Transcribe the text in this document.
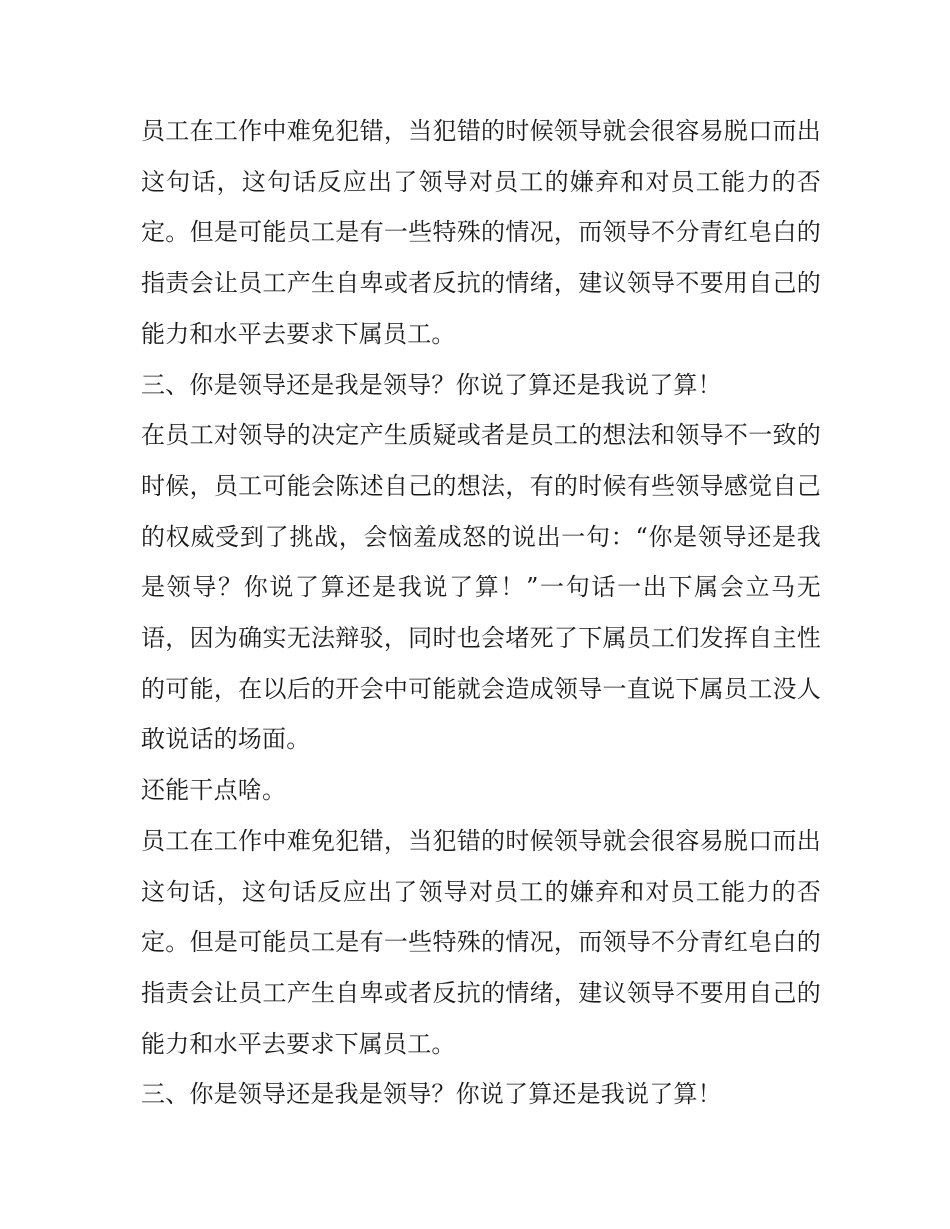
员工在工作中难免犯错，当犯错的时候领导就会很容易脱口而出这句话，这句话反应出了领导对员工的嫌弃和对员工能力的否定。但是可能员工是有一些特殊的情况，而领导不分青红皂白的指责会让员工产生自卑或者反抗的情绪，建议领导不要用自己的能力和水平去要求下属员工。

三、你是领导还是我是领导？你说了算还是我说了算！

在员工对领导的决定产生质疑或者是员工的想法和领导不一致的时候，员工可能会陈述自己的想法，有的时候有些领导感觉自己的权威受到了挑战，会恼羞成怒的说出一句：“你是领导还是我是领导？你说了算还是我说了算！”一句话一出下属会立马无语，因为确实无法辩驳，同时也会堵死了下属员工们发挥自主性的可能，在以后的开会中可能就会造成领导一直说下属员工没人敢说话的场面。

还能干点啥。

员工在工作中难免犯错，当犯错的时候领导就会很容易脱口而出这句话，这句话反应出了领导对员工的嫌弃和对员工能力的否定。但是可能员工是有一些特殊的情况，而领导不分青红皂白的指责会让员工产生自卑或者反抗的情绪，建议领导不要用自己的能力和水平去要求下属员工。

三、你是领导还是我是领导？你说了算还是我说了算！
